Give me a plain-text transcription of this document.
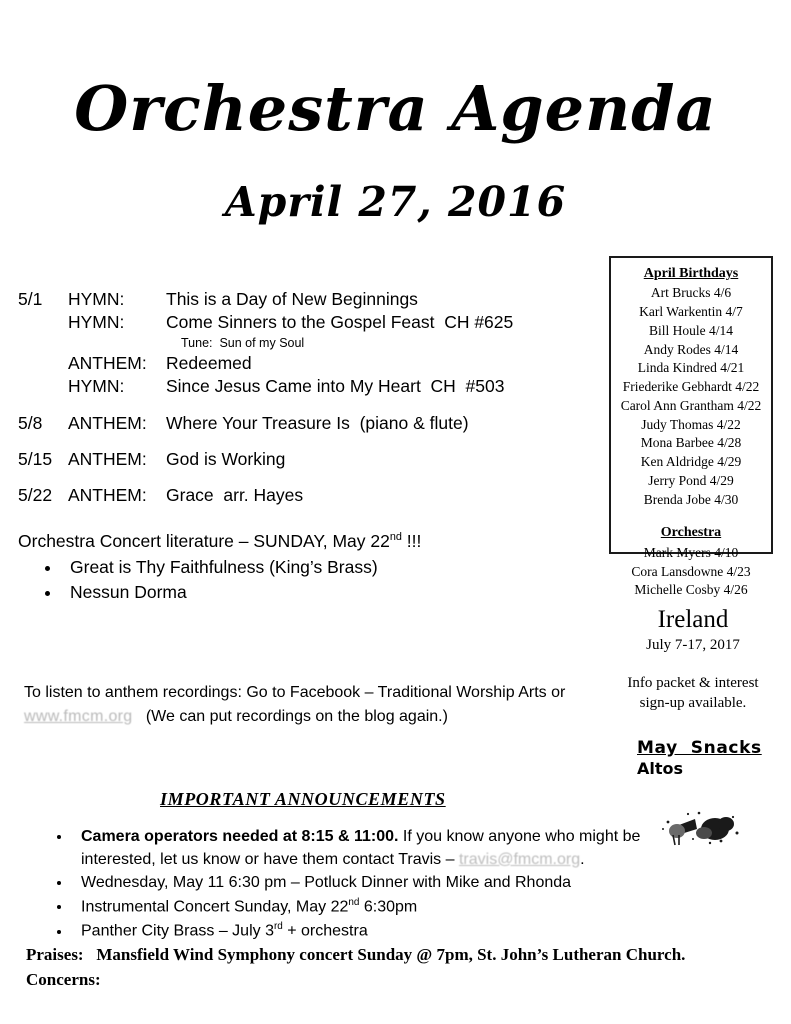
Orchestra Agenda
April 27, 2016
5/1	HYMN: This is a Day of New Beginnings
HYMN: Come Sinners to the Gospel Feast  CH #625
Tune:  Sun of my Soul
ANTHEM: Redeemed
HYMN: Since Jesus Came into My Heart  CH  #503
5/8	ANTHEM: Where Your Treasure Is  (piano & flute)
5/15 ANTHEM: God is Working
5/22 ANTHEM: Grace  arr. Hayes
Orchestra Concert literature – SUNDAY, May 22nd !!!
• Great is Thy Faithfulness (King’s Brass)
• Nessun Dorma
To listen to anthem recordings: Go to Facebook – Traditional Worship Arts or
www.fmcm.org (We can put recordings on the blog again.)
IMPORTANT ANNOUNCEMENTS
• Camera operators needed at 8:15 & 11:00. If you know anyone who might be interested, let us know or have them contact Travis – travis@fmcm.org.
• Wednesday, May 11 6:30 pm – Potluck Dinner with Mike and Rhonda
• Instrumental Concert Sunday, May 22nd 6:30pm
• Panther City Brass – July 3rd + orchestra
Praises:   Mansfield Wind Symphony concert Sunday @ 7pm, St. John’s Lutheran Church.
Concerns:
April Birthdays
Art Brucks 4/6
Karl Warkentin 4/7
Bill Houle 4/14
Andy Rodes 4/14
Linda Kindred 4/21
Friederike Gebhardt 4/22
Carol Ann Grantham 4/22
Judy Thomas 4/22
Mona Barbee 4/28
Ken Aldridge 4/29
Jerry Pond 4/29
Brenda Jobe 4/30
Orchestra
Mark Myers 4/10
Cora Lansdowne 4/23
Michelle Cosby 4/26
Ireland
July 7-17, 2017
Info packet & interest
sign-up available.
May  Snacks
Altos
